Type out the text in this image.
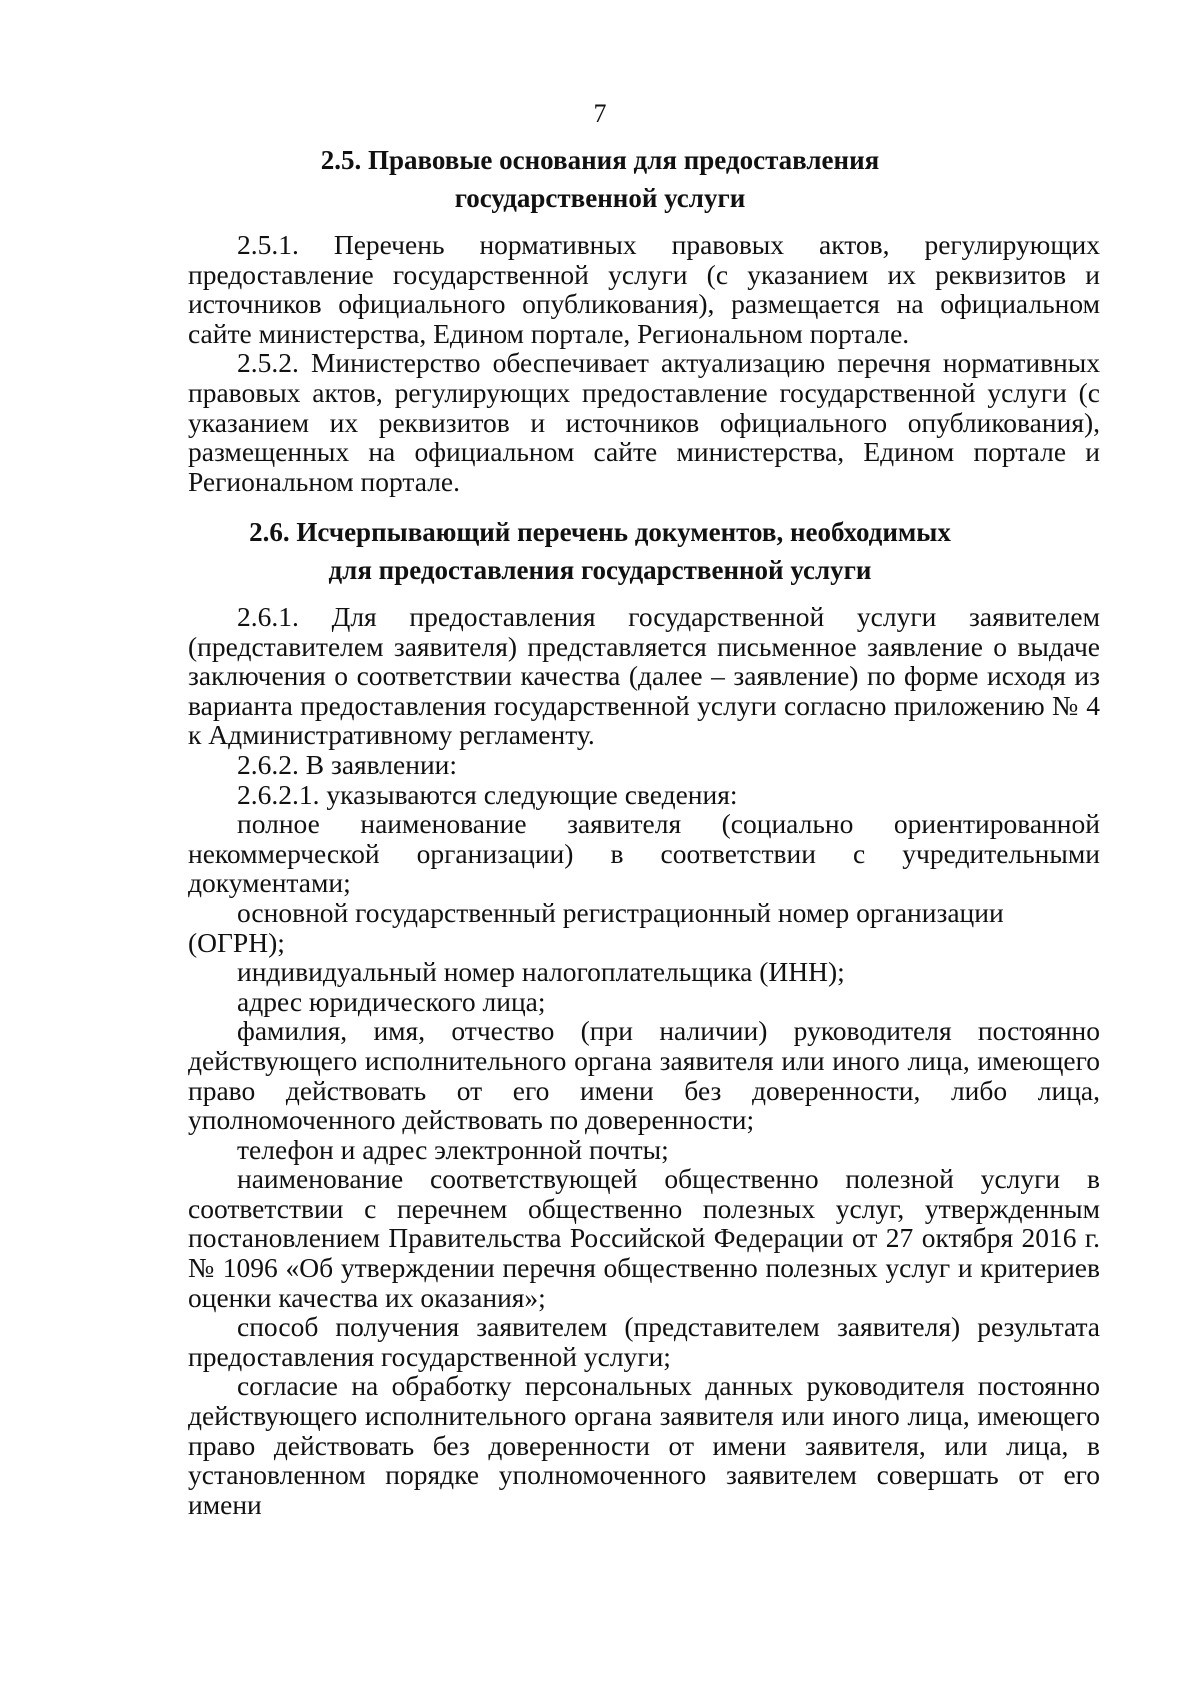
7
2.5. Правовые основания для предоставления
государственной услуги

2.5.1. Перечень нормативных правовых актов, регулирующих предоставление государственной услуги (с указанием их реквизитов и источников официального опубликования), размещается на официальном сайте министерства, Едином портале, Региональном портале.

2.5.2. Министерство обеспечивает актуализацию перечня нормативных правовых актов, регулирующих предоставление государственной услуги (с указанием их реквизитов и источников официального опубликования), размещенных на официальном сайте министерства, Едином портале и Региональном портале.

2.6. Исчерпывающий перечень документов, необходимых
для предоставления государственной услуги

2.6.1. Для предоставления государственной услуги заявителем (представителем заявителя) представляется письменное заявление о выдаче заключения о соответствии качества (далее – заявление) по форме исходя из варианта предоставления государственной услуги согласно приложению № 4 к Административному регламенту.

2.6.2. В заявлении:

2.6.2.1. указываются следующие сведения:

полное наименование заявителя (социально ориентированной некоммерческой организации) в соответствии с учредительными документами;

основной государственный регистрационный номер организации (ОГРН);

индивидуальный номер налогоплательщика (ИНН);

адрес юридического лица;

фамилия, имя, отчество (при наличии) руководителя постоянно действующего исполнительного органа заявителя или иного лица, имеющего право действовать от его имени без доверенности, либо лица, уполномоченного действовать по доверенности;

телефон и адрес электронной почты;

наименование соответствующей общественно полезной услуги в соответствии с перечнем общественно полезных услуг, утвержденным постановлением Правительства Российской Федерации от 27 октября 2016 г. № 1096 «Об утверждении перечня общественно полезных услуг и критериев оценки качества их оказания»;

способ получения заявителем (представителем заявителя) результата предоставления государственной услуги;

согласие на обработку персональных данных руководителя постоянно действующего исполнительного органа заявителя или иного лица, имеющего право действовать без доверенности от имени заявителя, или лица, в установленном порядке уполномоченного заявителем совершать от его имени
